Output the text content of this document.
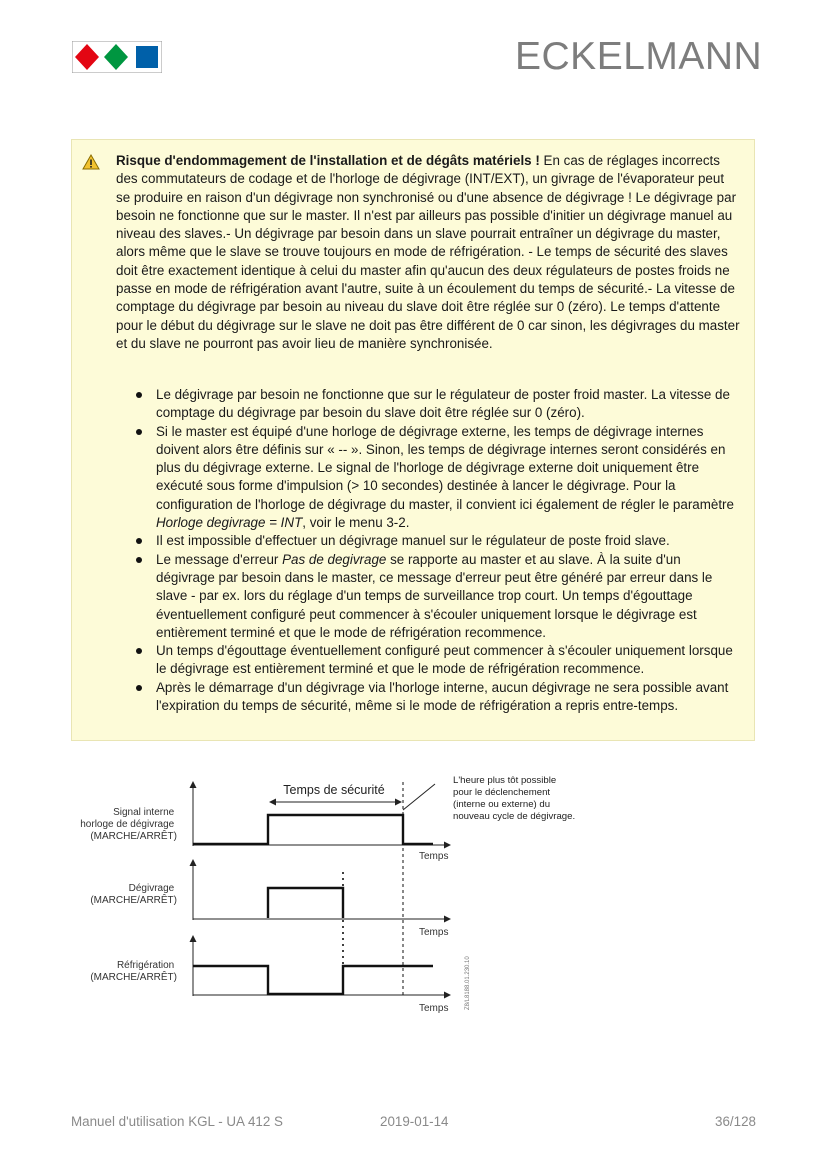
ECKELMANN
Risque d'endommagement de l'installation et de dégâts matériels ! En cas de réglages incorrects des commutateurs de codage et de l'horloge de dégivrage (INT/EXT), un givrage de l'évaporateur peut se produire en raison d'un dégivrage non synchronisé ou d'une absence de dégivrage ! Le dégivrage par besoin ne fonctionne que sur le master. Il n'est par ailleurs pas possible d'initier un dégivrage manuel au niveau des slaves.- Un dégivrage par besoin dans un slave pourrait entraîner un dégivrage du master, alors même que le slave se trouve toujours en mode de réfrigération. - Le temps de sécurité des slaves doit être exactement identique à celui du master afin qu'aucun des deux régulateurs de postes froids ne passe en mode de réfrigération avant l'autre, suite à un écoulement du temps de sécurité.- La vitesse de comptage du dégivrage par besoin au niveau du slave doit être réglée sur 0 (zéro). Le temps d'attente pour le début du dégivrage sur le slave ne doit pas être différent de 0 car sinon, les dégivrages du master et du slave ne pourront pas avoir lieu de manière synchronisée.
Le dégivrage par besoin ne fonctionne que sur le régulateur de poster froid master. La vitesse de comptage du dégivrage par besoin du slave doit être réglée sur 0 (zéro).
Si le master est équipé d'une horloge de dégivrage externe, les temps de dégivrage internes doivent alors être définis sur « -- ». Sinon, les temps de dégivrage internes seront considérés en plus du dégivrage externe. Le signal de l'horloge de dégivrage externe doit uniquement être exécuté sous forme d'impulsion (> 10 secondes) destinée à lancer le dégivrage. Pour la configuration de l'horloge de dégivrage du master, il convient ici également de régler le paramètre Horloge degivrage = INT, voir le menu 3-2.
Il est impossible d'effectuer un dégivrage manuel sur le régulateur de poste froid slave.
Le message d'erreur Pas de degivrage se rapporte au master et au slave. À la suite d'un dégivrage par besoin dans le master, ce message d'erreur peut être généré par erreur dans le slave - par ex. lors du réglage d'un temps de surveillance trop court. Un temps d'égouttage éventuellement configuré peut commencer à s'écouler uniquement lorsque le dégivrage est entièrement terminé et que le mode de réfrigération recommence.
Un temps d'égouttage éventuellement configuré peut commencer à s'écouler uniquement lorsque le dégivrage est entièrement terminé et que le mode de réfrigération recommence.
Après le démarrage d'un dégivrage via l'horloge interne, aucun dégivrage ne sera possible avant l'expiration du temps de sécurité, même si le mode de réfrigération a repris entre-temps.
Signal interne horloge de dégivrage (MARCHE/ARRÊT)
Dégivrage (MARCHE/ARRÊT)
Réfrigération (MARCHE/ARRÊT)
Temps de sécurité
L'heure plus tôt possible pour le déclenchement (interne ou externe) du nouveau cycle de dégivrage.
Temps
Temps
Temps	Z8/L8188.01.230.10
Manuel d'utilisation KGL - UA 412 S	2019-01-14	36/128
